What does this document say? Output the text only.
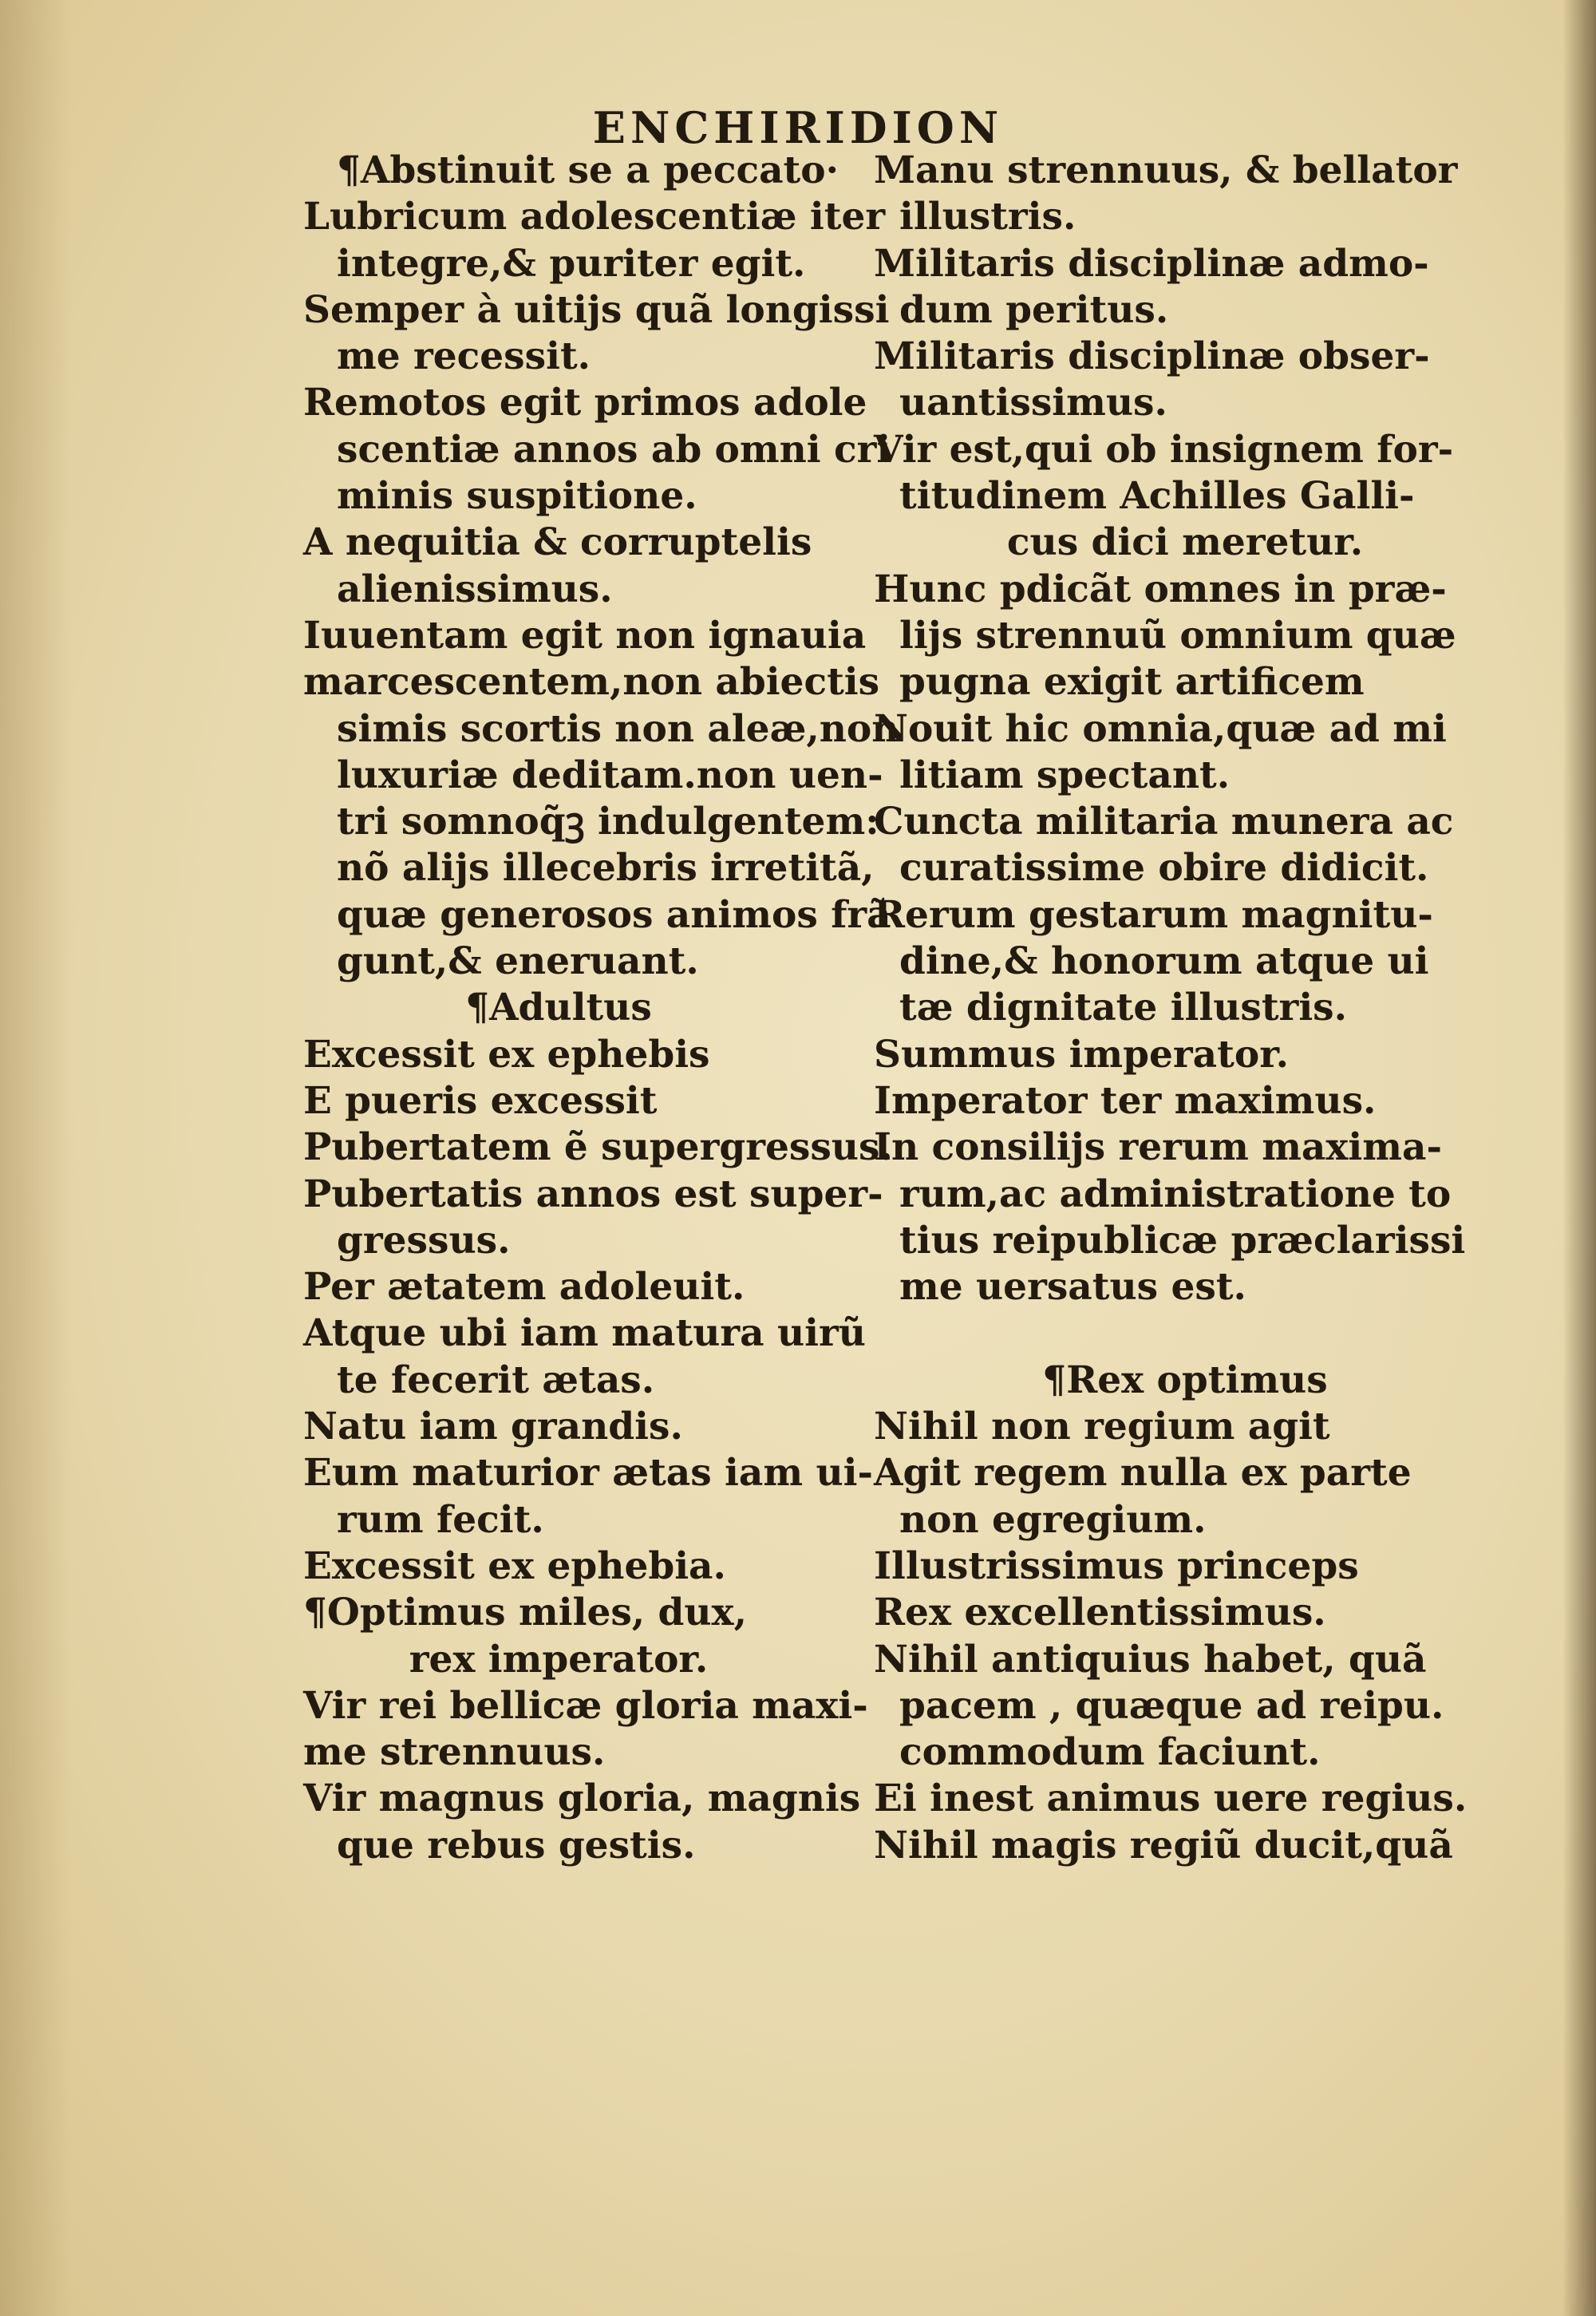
ENCHIRIDION
¶Abstinuit se a peccato·
Lubricum adolescentiæ iter
integre,& puriter egit.
Semper à uitijs quã longissi
me recessit.
Remotos egit primos adole
scentiæ annos ab omni cri
minis suspitione.
A nequitia & corruptelis
alienissimus.
Iuuentam egit non ignauia
marcescentem,non abiectis
simis scortis non aleæ,non
luxuriæ deditam.non uen-
tri somnoq̃ꝫ indulgentem:
nõ alijs illecebris irretitã,
quæ generosos animos frã
gunt,& eneruant.
¶Adultus
Excessit ex ephebis
E pueris excessit
Pubertatem ẽ supergressus.
Pubertatis annos est super-
gressus.
Per ætatem adoleuit.
Atque ubi iam matura uirũ
te fecerit ætas.
Natu iam grandis.
Eum maturior ætas iam ui-
rum fecit.
Excessit ex ephebia.
¶Optimus miles, dux,
rex imperator.
Vir rei bellicæ gloria maxi-
me strennuus.
Vir magnus gloria, magnis
que rebus gestis.
Manu strennuus, & bellator
illustris.
Militaris disciplinæ admo-
dum peritus.
Militaris disciplinæ obser-
uantissimus.
Vir est,qui ob insignem for-
titudinem Achilles Galli-
cus dici meretur.
Hunc pdicãt omnes in præ-
lijs strennuũ omnium quæ
pugna exigit artificem
Nouit hic omnia,quæ ad mi
litiam spectant.
Cuncta militaria munera ac
curatissime obire didicit.
Rerum gestarum magnitu-
dine,& honorum atque ui
tæ dignitate illustris.
Summus imperator.
Imperator ter maximus.
In consilijs rerum maxima-
rum,ac administratione to
tius reipublicæ præclarissi
me uersatus est.
¶Rex optimus
Nihil non regium agit
Agit regem nulla ex parte
non egregium.
Illustrissimus princeps
Rex excellentissimus.
Nihil antiquius habet, quã
pacem , quæque ad reipu.
commodum faciunt.
Ei inest animus uere regius.
Nihil magis regiũ ducit,quã
